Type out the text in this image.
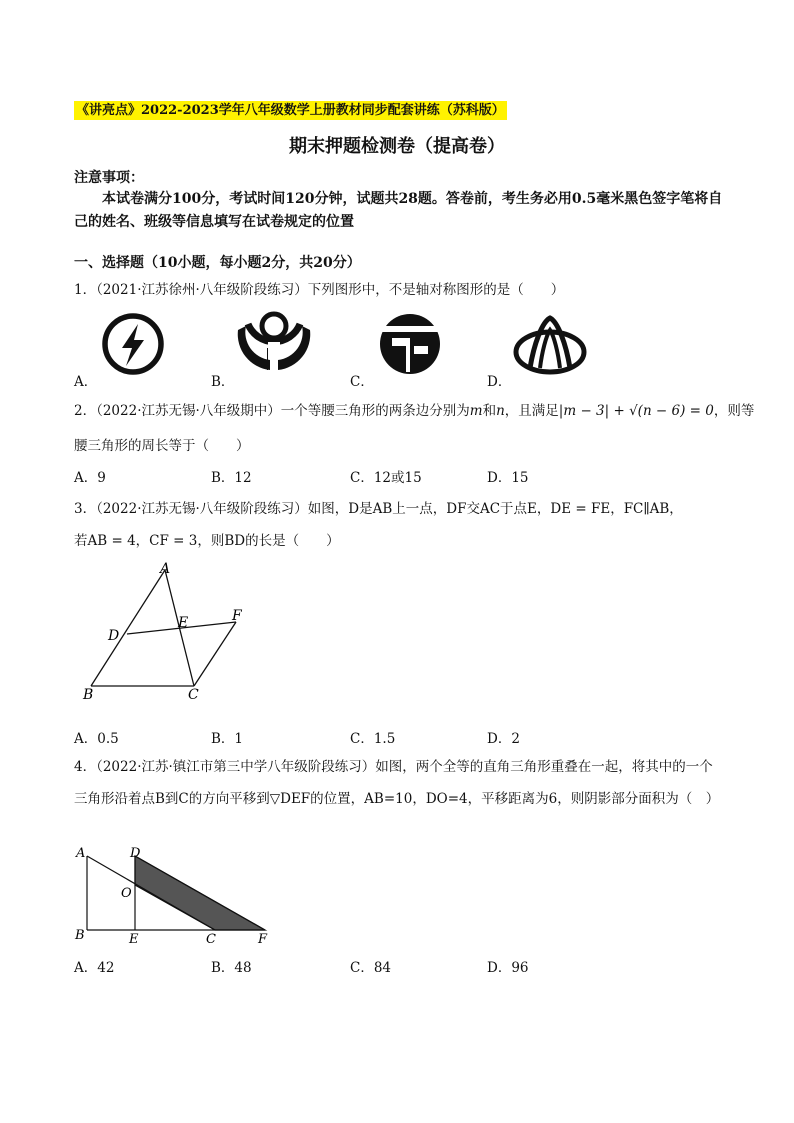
《讲亮点》2022-2023学年八年级数学上册教材同步配套讲练（苏科版）
期末押题检测卷（提高卷）
注意事项：
本试卷满分100分，考试时间120分钟，试题共28题。答卷前，考生务必用0.5毫米黑色签字笔将自己的姓名、班级等信息填写在试卷规定的位置
一、选择题（10小题，每小题2分，共20分）
1．（2021·江苏徐州·八年级阶段练习）下列图形中，不是轴对称图形的是（　　）
A．	B．	C．	D．
2．（2022·江苏无锡·八年级期中）一个等腰三角形的两条边分别为m和n，且满足|m − 3| + √(n − 6) = 0，则等
腰三角形的周长等于（　　）
A．9	B．12	C．12或15	D．15
3．（2022·江苏无锡·八年级阶段练习）如图，D是AB上一点，DF交AC于点E，DE = FE，FC∥AB，
若AB = 4，CF = 3，则BD的长是（　　）
A
B	C
D
E	F
A．0.5	B．1	C．1.5	D．2
4．（2022·江苏·镇江市第三中学八年级阶段练习）如图，两个全等的直角三角形重叠在一起，将其中的一个三角形沿着点B到C的方向平移到▽DEF的位置，AB=10，DO=4，平移距离为6，则阴影部分面积为（　）
A	D
O
B	E	C	F
A．42	B．48	C．84	D．96
